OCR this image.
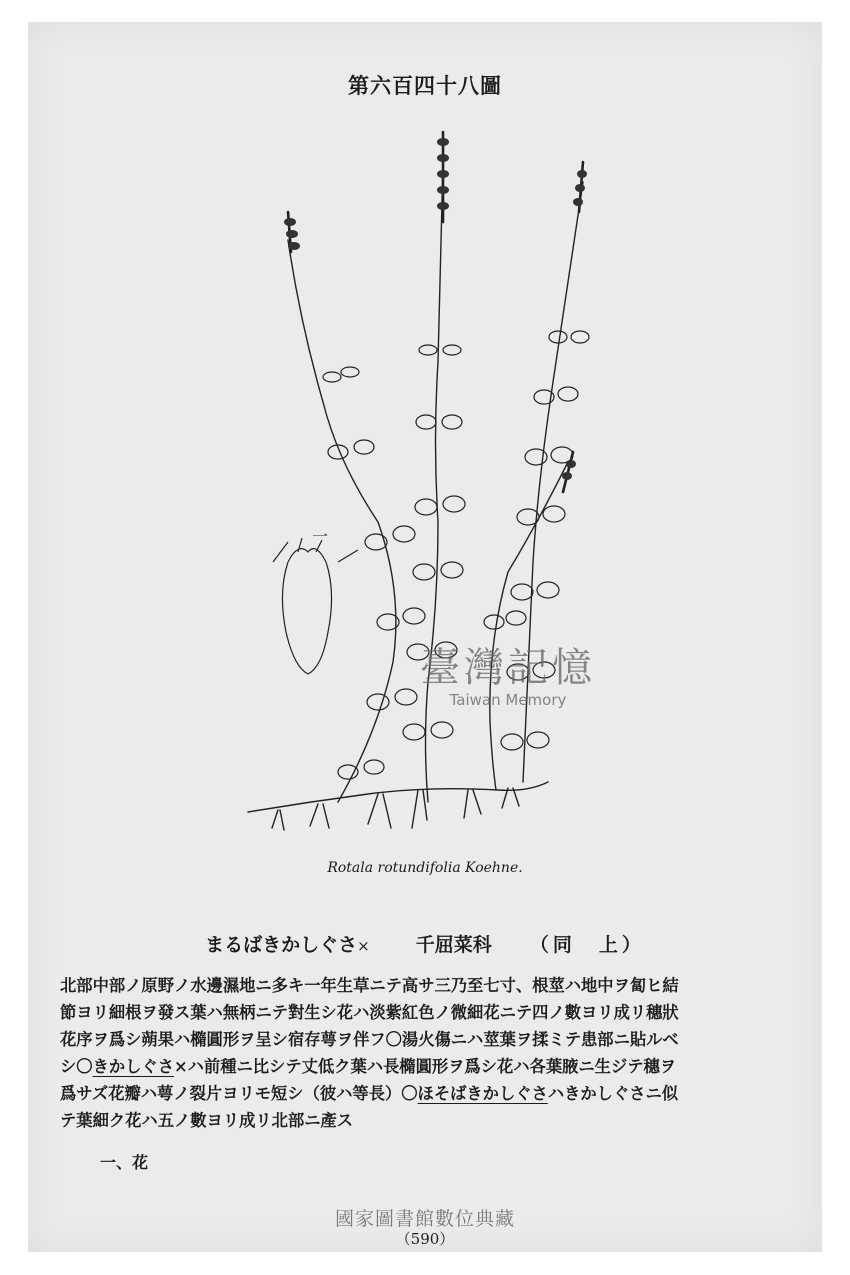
第六百四十八圖
一
Rotala rotundifolia Koehne.
臺灣記憶
Taiwan Memory
まるばきかしぐさ× 千屈菜科 （同　上）
北部中部ノ原野ノ水邊濕地ニ多キ一年生草ニテ高サ三乃至七寸、根莖ハ地中ヲ匐ヒ結
節ヨリ細根ヲ發ス葉ハ無柄ニテ對生シ花ハ淡紫紅色ノ微細花ニテ四ノ數ヨリ成リ穗狀
花序ヲ爲シ蒴果ハ橢圓形ヲ呈シ宿存萼ヲ伴フ〇湯火傷ニハ莖葉ヲ揉ミテ患部ニ貼ルベ
シ〇きかしぐさ×ハ前種ニ比シテ丈低ク葉ハ長橢圓形ヲ爲シ花ハ各葉腋ニ生ジテ穗ヲ
爲サズ花瓣ハ萼ノ裂片ヨリモ短シ（彼ハ等長）〇ほそばきかしぐさハきかしぐさニ似
テ葉細ク花ハ五ノ數ヨリ成リ北部ニ產ス
一、花
國家圖書館數位典藏
（590）
